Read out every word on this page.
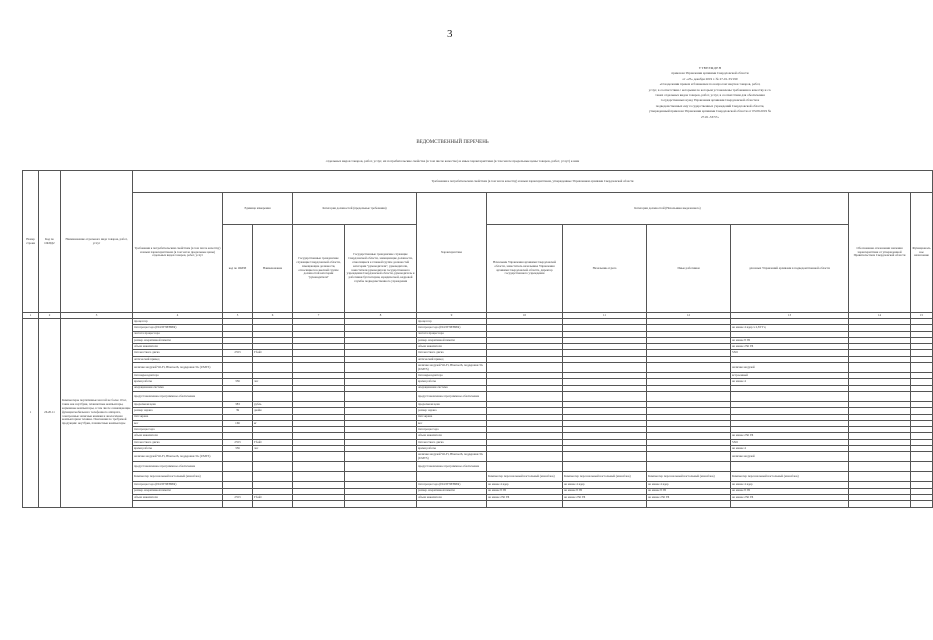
3
УТВЕРЖДЕН
приказом Управления архивами Свердловской области
от «25» декабря 2019 г. № 27-01-33/190
«О наделении правом и бланкомен по вопросам закупок товаров, работ,
услуг, в соответствии с которыми по которым установлены требования к качеству и сл.
таких отдельных видов товаров, работ, услуг, в соответствии для обеспечения
государственных нужд Управления архивами Свердловской области и
подведомственных ему государственных учреждений Свердловской области,
утвержденный приказом Управления архивами Свердловской области от 03.09.2019 №
27-01-33/57»
ВЕДОМСТВЕННЫЙ ПЕРЕЧЕНЬ
отдельных видов товаров, работ, услуг, их потребительские свойства (в том числе качество) и иные характеристики (в том числе предельные цены товаров, работ, услуг) к ним
Номер строки	Код по ОКПД2	Наименование отдельного вида товаров, работ, услуг	Требования к потребительским свойствам (в том числе качеству) и иным характеристикам, утвержденные Управлением архивами Свердловской области											
			Требования к потребительским свойствам (в том числе качеству) и иным характеристикам (в том числе предельные цены) отдельных видов товаров, работ, услуг	Единица измерения		Категория должностей (предельные требования)		Характеристика	Категории должностей (Начальника выделенного)				Обоснование отклонения значения характеристики от утвержденной Правительством Свердловской области	Функциональное назначение
				код по ОКЕИ	Наименование	Государственные гражданские служащие Свердловской области, замещающие должности, относящиеся к высшей группе должностей категории "руководители"	Государственные гражданские служащие Свердловской области, замещающие должности, относящиеся к главной группе должностей категории "руководители", руководители, заместители руководителя государственного учреждения Свердловской области, руководитель и работники бухгалтерии, юридической, кадровой службы подведомственного учреждения		Начальник Управления архивами Свердловской области, заместитель начальника Управления архивами Свердловской области, директор государственного учреждения	Начальник отдела	Иные работники	для иных Управлений архивами в подведомственной области		

1	2	3	4	5	6	7	8	9	10	11	12	13	14	15
1	26.20.11	Компьютеры портативные массой не более 10 кг, такие как ноутбуки, планшетные компьютеры, карманные компьютеры, в том числе совмещающие функции мобильного телефонного аппарата, электронные записные книжки и аналогичная компьютерная техника. Пояснения по требуемой продукции: ноутбуки, планшетные компьютеры	процессор					процессор						
			тип процессора (ПОЛУЧЕНИЯ)					тип процессора (ПОЛУЧЕНИЯ)				не менее 4 ядер х 2,8 ГГц		
			частота процессора					частота процессора						
			размер оперативной памяти					размер оперативной памяти				не менее 8 ГБ		
			объем накопителя					объем накопителя				не менее 256 ГБ		
			тип жесткого диска	2553	Гбайт			тип жесткого диска				SSD		
			оптический привод					оптический привод						
			наличие модулей Wi-Fi, Bluetooth, поддержки 3G (UMTS)					наличие модулей Wi-Fi, Bluetooth, поддержки 3G (UMTS)				наличие модулей		
			тип видеоадаптера					тип видеоадаптера				встроенный		
			время работы	356	час			время работы				не менее 4		
			операционная система					операционная система						
			предустановленное программное обеспечение					предустановленное программное обеспечение						
			предельная цена	383	рубль			предельная цена						
			размер экрана	39	дюйм			размер экрана						
			тип экрана					тип экрана						
			вес	166	кг			вес						
			тип процессора					тип процессора						
			объем накопителя					объем накопителя				не менее 256 ГБ		
			тип жесткого диска	2553	Гбайт			тип жесткого диска				SSD		
			время работы	356	час			время работы				не менее 4		
			наличие модулей Wi-Fi, Bluetooth, поддержки 3G (UMTS)					наличие модулей Wi-Fi, Bluetooth, поддержки 3G (UMTS)				наличие модулей		
			предустановленное программное обеспечение					предустановленное программное обеспечение						
			Компьютер персональный настольный (моноблок)						Компьютер персональный настольный (моноблок)	Компьютер персональный настольный (моноблок)	Компьютер персональный настольный (моноблок)	Компьютер персональный настольный (моноблок)		
			тип процессора (ПОЛУЧЕНИЯ)					тип процессора (ПОЛУЧЕНИЯ)	не менее 4 ядер	не менее 4 ядер	не менее 4 ядер	не менее 4 ядер		
			размер оперативной памяти					размер оперативной памяти	не менее 8 ГБ	не менее 8 ГБ	не менее 8 ГБ	не менее 8 ГБ		
			объем накопителя	2553	Гбайт			объем накопителя	не менее 256 ГБ	не менее 256 ГБ	не менее 256 ГБ	не менее 256 ГБ		
